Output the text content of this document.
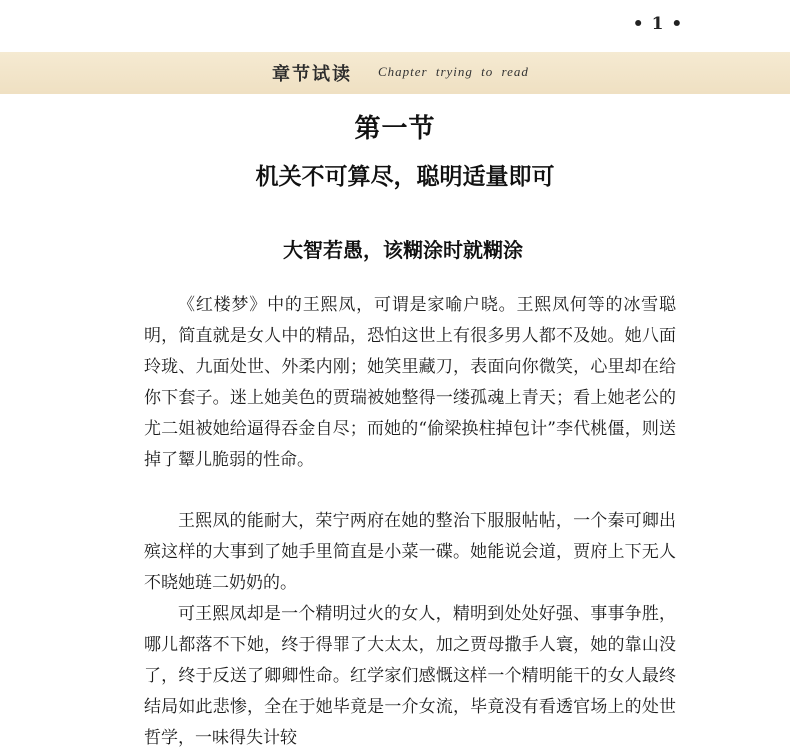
• 1 •
章节试读 Chapter trying to read
第一节
机关不可算尽，聪明适量即可
大智若愚，该糊涂时就糊涂

《红楼梦》中的王熙凤，可谓是家喻户晓。王熙凤何等的冰雪聪明，简直就是女人中的精品，恐怕这世上有很多男人都不及她。她八面玲珑、九面处世、外柔内刚；她笑里藏刀，表面向你微笑，心里却在给你下套子。迷上她美色的贾瑞被她整得一缕孤魂上青天；看上她老公的尤二姐被她给逼得吞金自尽；而她的“偷梁换柱掉包计”李代桃僵，则送掉了颦儿脆弱的性命。

王熙凤的能耐大，荣宁两府在她的整治下服服帖帖，一个秦可卿出殡这样的大事到了她手里简直是小菜一碟。她能说会道，贾府上下无人不晓她琏二奶奶的。

可王熙凤却是一个精明过火的女人，精明到处处好强、事事争胜，哪儿都落不下她，终于得罪了大太太，加之贾母撒手人寰，她的靠山没了，终于反送了卿卿性命。红学家们感慨这样一个精明能干的女人最终结局如此悲惨，全在于她毕竟是一介女流，毕竟没有看透官场上的处世哲学，一味得失计较
